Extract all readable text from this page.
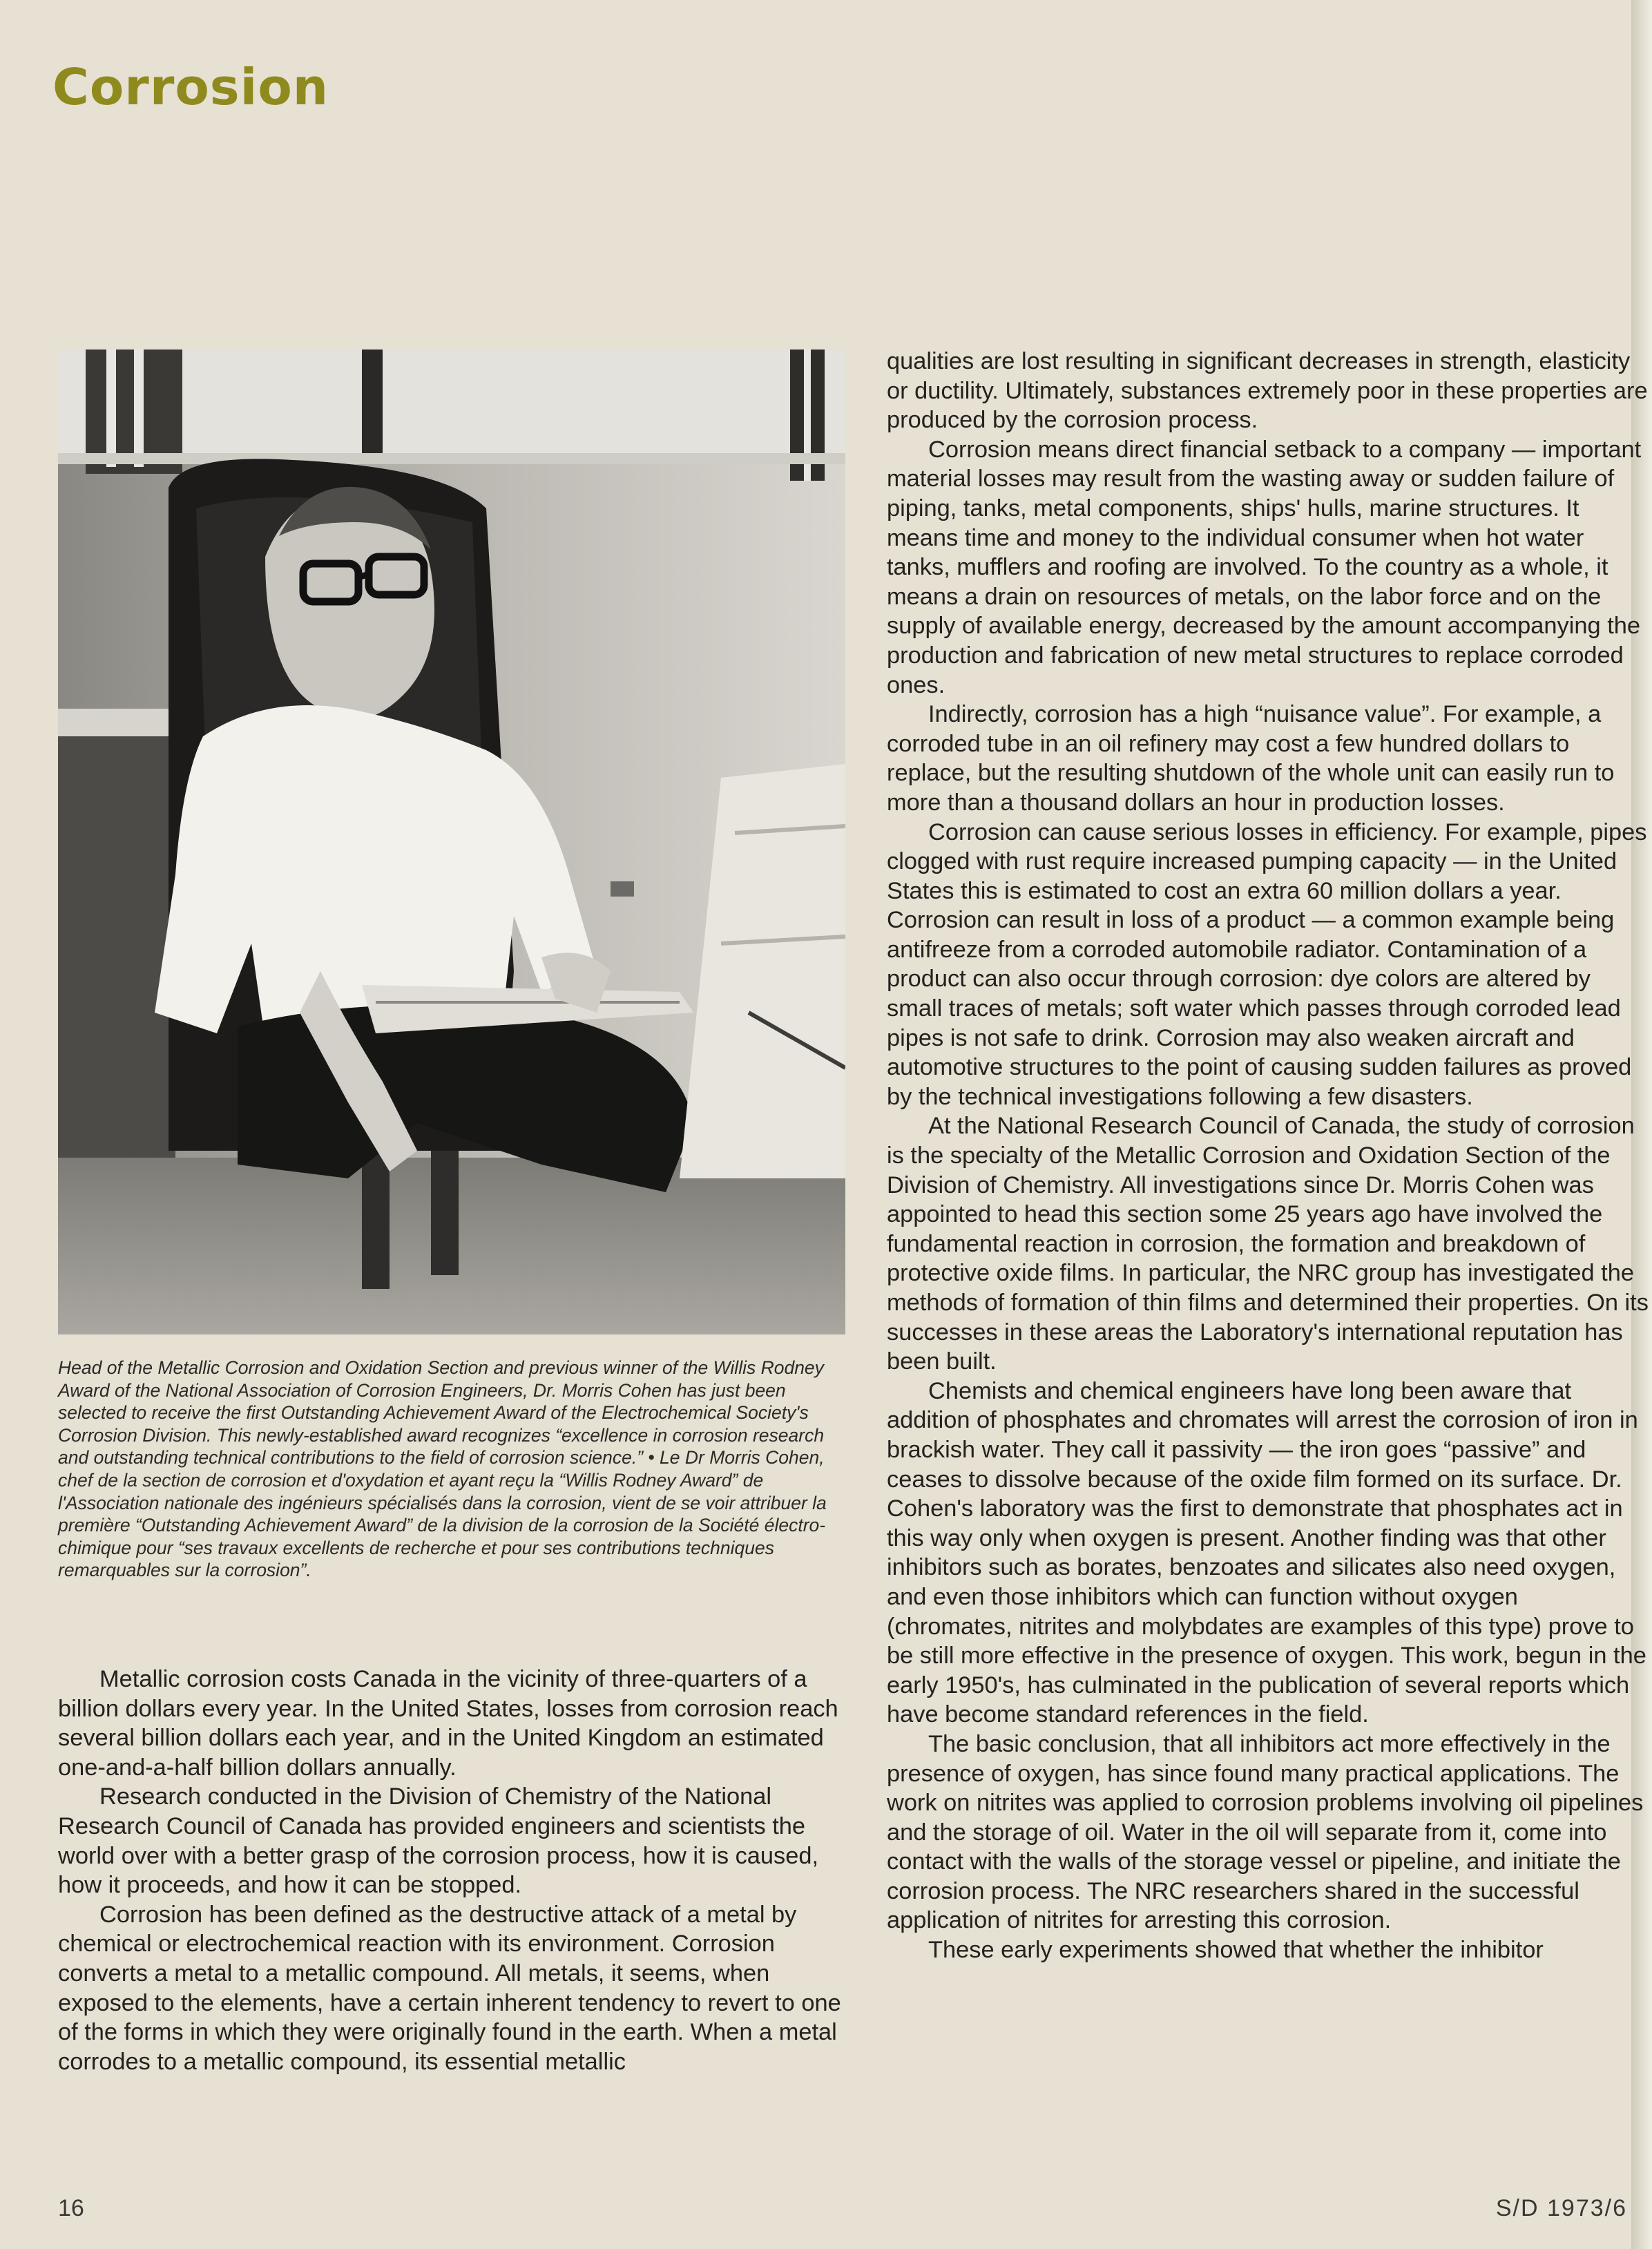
Corrosion

Head of the Metallic Corrosion and Oxidation Section and previous winner of the Willis Rodney Award of the National Association of Corrosion Engineers, Dr. Morris Cohen has just been selected to receive the first Outstanding Achievement Award of the Electrochemical Society's Corrosion Division. This newly-established award recognizes “excellence in corrosion research and outstanding technical contributions to the field of corrosion science.” • Le Dr Morris Cohen, chef de la section de corrosion et d'oxydation et ayant reçu la “Willis Rodney Award” de l'Association nationale des ingénieurs spécialisés dans la corrosion, vient de se voir attribuer la première “Outstanding Achievement Award” de la division de la corrosion de la Société électro-chimique pour “ses travaux excellents de recherche et pour ses contributions techniques remarquables sur la corrosion”.

Metallic corrosion costs Canada in the vicinity of three-quarters of a billion dollars every year. In the United States, losses from corrosion reach several billion dollars each year, and in the United Kingdom an estimated one-and-a-half billion dollars annually.

Research conducted in the Division of Chemistry of the National Research Council of Canada has provided engineers and scientists the world over with a better grasp of the corrosion process, how it is caused, how it proceeds, and how it can be stopped.

Corrosion has been defined as the destructive attack of a metal by chemical or electrochemical reaction with its environment. Corrosion converts a metal to a metallic compound. All metals, it seems, when exposed to the elements, have a certain inherent tendency to revert to one of the forms in which they were originally found in the earth. When a metal corrodes to a metallic compound, its essential metallic

qualities are lost resulting in significant decreases in strength, elasticity or ductility. Ultimately, substances extremely poor in these properties are produced by the corrosion process.

Corrosion means direct financial setback to a company — important material losses may result from the wasting away or sudden failure of piping, tanks, metal components, ships' hulls, marine structures. It means time and money to the individual consumer when hot water tanks, mufflers and roofing are involved. To the country as a whole, it means a drain on resources of metals, on the labor force and on the supply of available energy, decreased by the amount accompanying the production and fabrication of new metal structures to replace corroded ones.

Indirectly, corrosion has a high “nuisance value”. For example, a corroded tube in an oil refinery may cost a few hundred dollars to replace, but the resulting shutdown of the whole unit can easily run to more than a thousand dollars an hour in production losses.

Corrosion can cause serious losses in efficiency. For example, pipes clogged with rust require increased pumping capacity — in the United States this is estimated to cost an extra 60 million dollars a year. Corrosion can result in loss of a product — a common example being antifreeze from a corroded automobile radiator. Contamination of a product can also occur through corrosion: dye colors are altered by small traces of metals; soft water which passes through corroded lead pipes is not safe to drink. Corrosion may also weaken aircraft and automotive structures to the point of causing sudden failures as proved by the technical investigations following a few disasters.

At the National Research Council of Canada, the study of corrosion is the specialty of the Metallic Corrosion and Oxidation Section of the Division of Chemistry. All investigations since Dr. Morris Cohen was appointed to head this section some 25 years ago have involved the fundamental reaction in corrosion, the formation and breakdown of protective oxide films. In particular, the NRC group has investigated the methods of formation of thin films and determined their properties. On its successes in these areas the Laboratory's international reputation has been built.

Chemists and chemical engineers have long been aware that addition of phosphates and chromates will arrest the corrosion of iron in brackish water. They call it passivity — the iron goes “passive” and ceases to dissolve because of the oxide film formed on its surface. Dr. Cohen's laboratory was the first to demonstrate that phosphates act in this way only when oxygen is present. Another finding was that other inhibitors such as borates, benzoates and silicates also need oxygen, and even those inhibitors which can function without oxygen (chromates, nitrites and molybdates are examples of this type) prove to be still more effective in the presence of oxygen. This work, begun in the early 1950's, has culminated in the publication of several reports which have become standard references in the field.

The basic conclusion, that all inhibitors act more effectively in the presence of oxygen, has since found many practical applications. The work on nitrites was applied to corrosion problems involving oil pipelines and the storage of oil. Water in the oil will separate from it, come into contact with the walls of the storage vessel or pipeline, and initiate the corrosion process. The NRC researchers shared in the successful application of nitrites for arresting this corrosion.

These early experiments showed that whether the inhibitor

16	S/D 1973/6
